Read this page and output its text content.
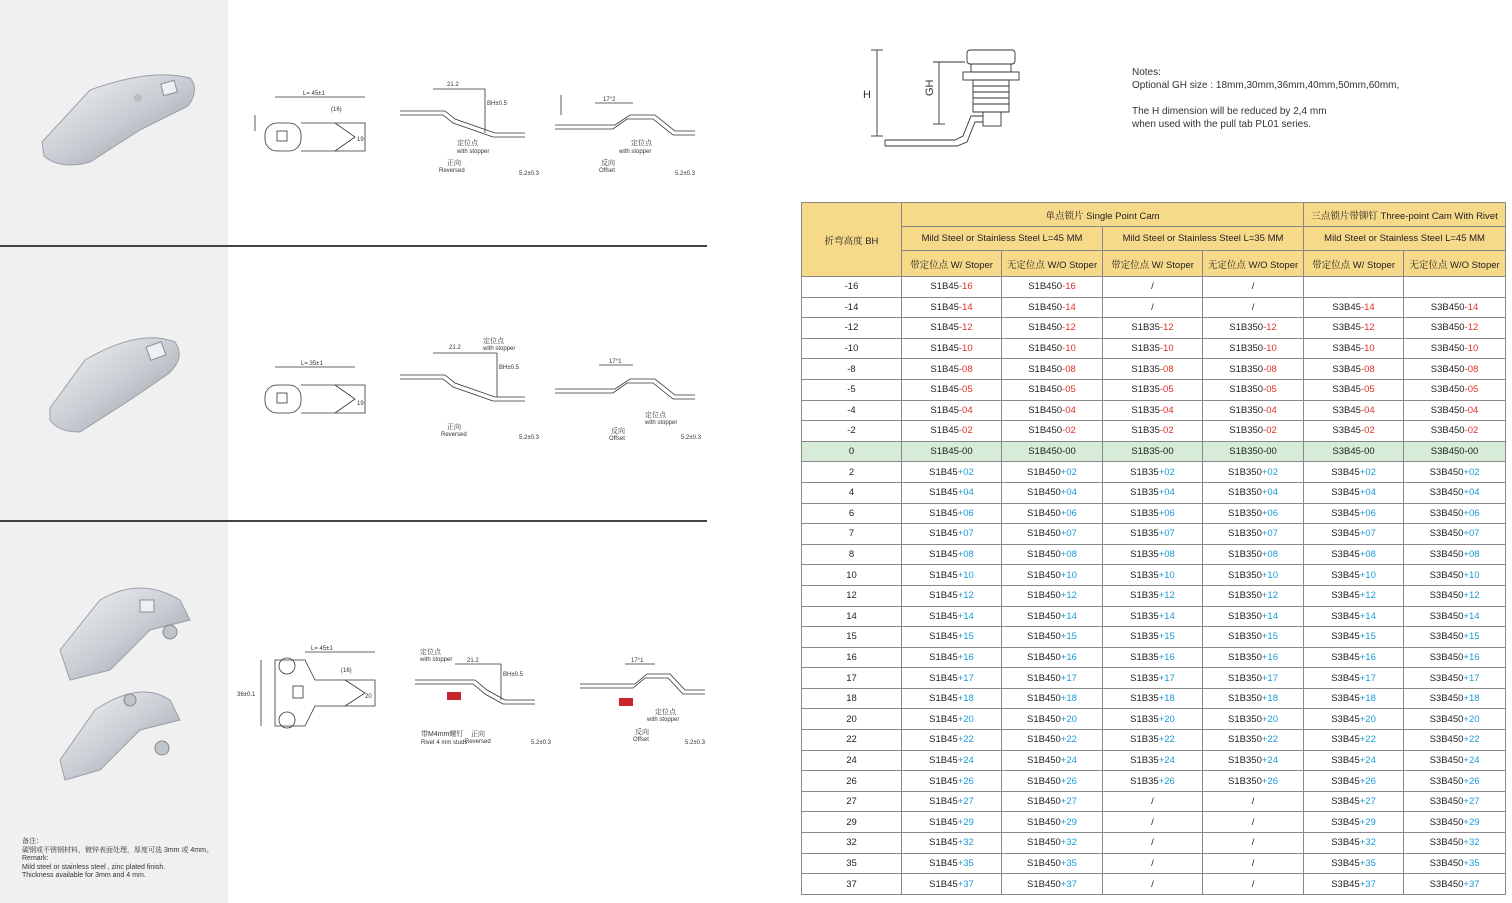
L= 45±1
(16)
19
21.2
BH±0.5
定位点
with stopper
正向
Reversed	5.2±0.3
17°2
定位点
with stopper
反向
Offset	5.2±0.3
L= 35±1
19
21.2
定位点
with stopper
BH±0.5
正向
Reversed	5.2±0.3
17°1
定位点
with stopper
反向
Offset	5.2±0.3
L= 45±1
(16)
20
36±0.1
定位点
with stopper 21.2
BH±0.5
带M4mm螺钉
Rivet 4 mm studs
正向
Reversed	5.2±0.3
17°1
定位点
with stopper
反向
Offset	5.2±0.3
备注：
碳钢或不锈钢材料，镀锌表面处理，厚度可选 3mm 或 4mm。
Remark:
Mild steel or stainless steel , zinc plated finish.
Thickness available for 3mm and 4 mm.
H	GH

Notes:

Optional GH size : 18mm,30mm,36mm,40mm,50mm,60mm,

The H dimension will be reduced by 2,4 mm

when used with the pull tab PL01 series.

折弯高度 BH	单点锁片 Single Point Cam				三点锁片带铆钉 Three-point Cam With Rivet	
	Mild Steel or Stainless Steel L=45 MM		Mild Steel or Stainless Steel L=35 MM		Mild Steel or Stainless Steel L=45 MM	
	带定位点 W/ Stoper	无定位点 W/O Stoper	带定位点 W/ Stoper	无定位点 W/O Stoper	带定位点 W/ Stoper	无定位点 W/O Stoper
-16	S1B45-16	S1B450-16	/	/		
-14	S1B45-14	S1B450-14	/	/	S3B45-14	S3B450-14
-12	S1B45-12	S1B450-12	S1B35-12	S1B350-12	S3B45-12	S3B450-12
-10	S1B45-10	S1B450-10	S1B35-10	S1B350-10	S3B45-10	S3B450-10
-8	S1B45-08	S1B450-08	S1B35-08	S1B350-08	S3B45-08	S3B450-08
-5	S1B45-05	S1B450-05	S1B35-05	S1B350-05	S3B45-05	S3B450-05
-4	S1B45-04	S1B450-04	S1B35-04	S1B350-04	S3B45-04	S3B450-04
-2	S1B45-02	S1B450-02	S1B35-02	S1B350-02	S3B45-02	S3B450-02
0	S1B45-00	S1B450-00	S1B35-00	S1B350-00	S3B45-00	S3B450-00
2	S1B45+02	S1B450+02	S1B35+02	S1B350+02	S3B45+02	S3B450+02
4	S1B45+04	S1B450+04	S1B35+04	S1B350+04	S3B45+04	S3B450+04
6	S1B45+06	S1B450+06	S1B35+06	S1B350+06	S3B45+06	S3B450+06
7	S1B45+07	S1B450+07	S1B35+07	S1B350+07	S3B45+07	S3B450+07
8	S1B45+08	S1B450+08	S1B35+08	S1B350+08	S3B45+08	S3B450+08
10	S1B45+10	S1B450+10	S1B35+10	S1B350+10	S3B45+10	S3B450+10
12	S1B45+12	S1B450+12	S1B35+12	S1B350+12	S3B45+12	S3B450+12
14	S1B45+14	S1B450+14	S1B35+14	S1B350+14	S3B45+14	S3B450+14
15	S1B45+15	S1B450+15	S1B35+15	S1B350+15	S3B45+15	S3B450+15
16	S1B45+16	S1B450+16	S1B35+16	S1B350+16	S3B45+16	S3B450+16
17	S1B45+17	S1B450+17	S1B35+17	S1B350+17	S3B45+17	S3B450+17
18	S1B45+18	S1B450+18	S1B35+18	S1B350+18	S3B45+18	S3B450+18
20	S1B45+20	S1B450+20	S1B35+20	S1B350+20	S3B45+20	S3B450+20
22	S1B45+22	S1B450+22	S1B35+22	S1B350+22	S3B45+22	S3B450+22
24	S1B45+24	S1B450+24	S1B35+24	S1B350+24	S3B45+24	S3B450+24
26	S1B45+26	S1B450+26	S1B35+26	S1B350+26	S3B45+26	S3B450+26
27	S1B45+27	S1B450+27	/	/	S3B45+27	S3B450+27
29	S1B45+29	S1B450+29	/	/	S3B45+29	S3B450+29
32	S1B45+32	S1B450+32	/	/	S3B45+32	S3B450+32
35	S1B45+35	S1B450+35	/	/	S3B45+35	S3B450+35
37	S1B45+37	S1B450+37	/	/	S3B45+37	S3B450+37
